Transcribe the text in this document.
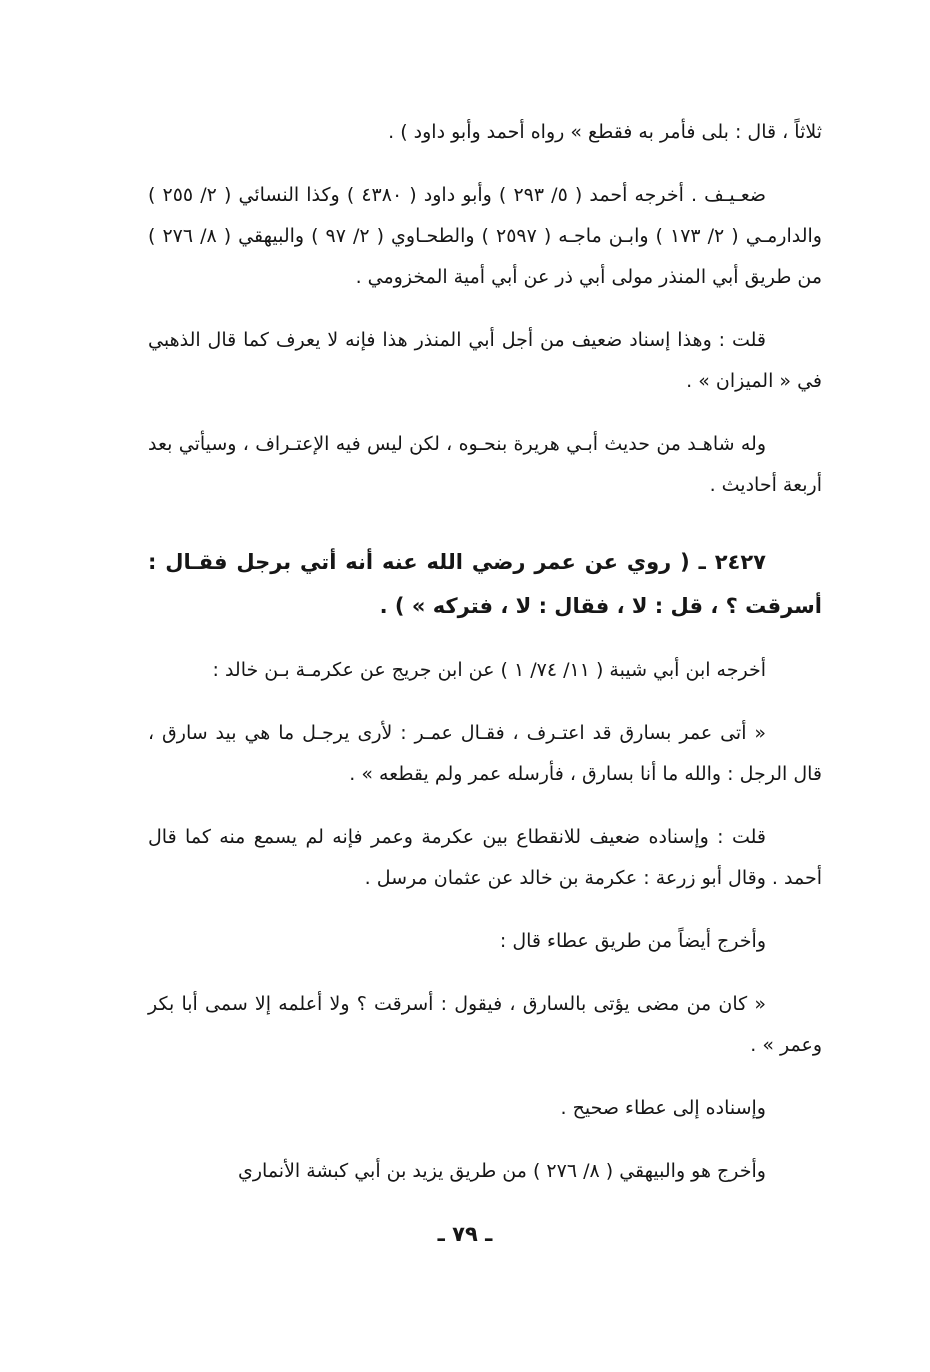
ثلاثاً ، قال : بلى فأمر به فقطع » رواه أحمد وأبو داود ) .

ضعـيـف . أخرجه أحمد ( ٥/ ٢٩٣ ) وأبو داود ( ٤٣٨٠ ) وكذا النسائي ( ٢/ ٢٥٥ ) والدارمـي ( ٢/ ١٧٣ ) وابـن ماجـه ( ٢٥٩٧ ) والطحـاوي ( ٢/ ٩٧ ) والبيهقي ( ٨/ ٢٧٦ ) من طريق أبي المنذر مولى أبي ذر عن أبي أمية المخزومي .

قلت : وهذا إسناد ضعيف من أجل أبي المنذر هذا فإنه لا يعرف كما قال الذهبي في « الميزان » .

وله شاهـد من حديث أبـي هريرة بنحـوه ، لكن ليس فيه الإعتـراف ، وسيأتي بعد أربعة أحاديث .

٢٤٢٧ ـ ( روي عن عمر رضي الله عنه أنه أتي برجل فقـال : أسرقت ؟ ، قل : لا ، فقال : لا ، فتركه » ) .

أخرجه ابن أبي شيبة ( ١١/ ٧٤/ ١ ) عن ابن جريج عن عكرمـة بـن خالد :

« أتى عمر بسارق قد اعتـرف ، فقـال عمـر : لأرى يرجـل ما هي بيد سارق ، قال الرجل : والله ما أنا بسارق ، فأرسله عمر ولم يقطعه » .

قلت : وإسناده ضعيف للانقطاع بين عكرمة وعمر فإنه لم يسمع منه كما قال أحمد . وقال أبو زرعة : عكرمة بن خالد عن عثمان مرسل .

وأخرج أيضاً من طريق عطاء قال :

« كان من مضى يؤتى بالسارق ، فيقول : أسرقت ؟ ولا أعلمه إلا سمى أبا بكر وعمر » .

وإسناده إلى عطاء صحيح .

وأخرج هو والبيهقي ( ٨/ ٢٧٦ ) من طريق يزيد بن أبي كبشة الأنماري

ـ ٧٩ ـ
